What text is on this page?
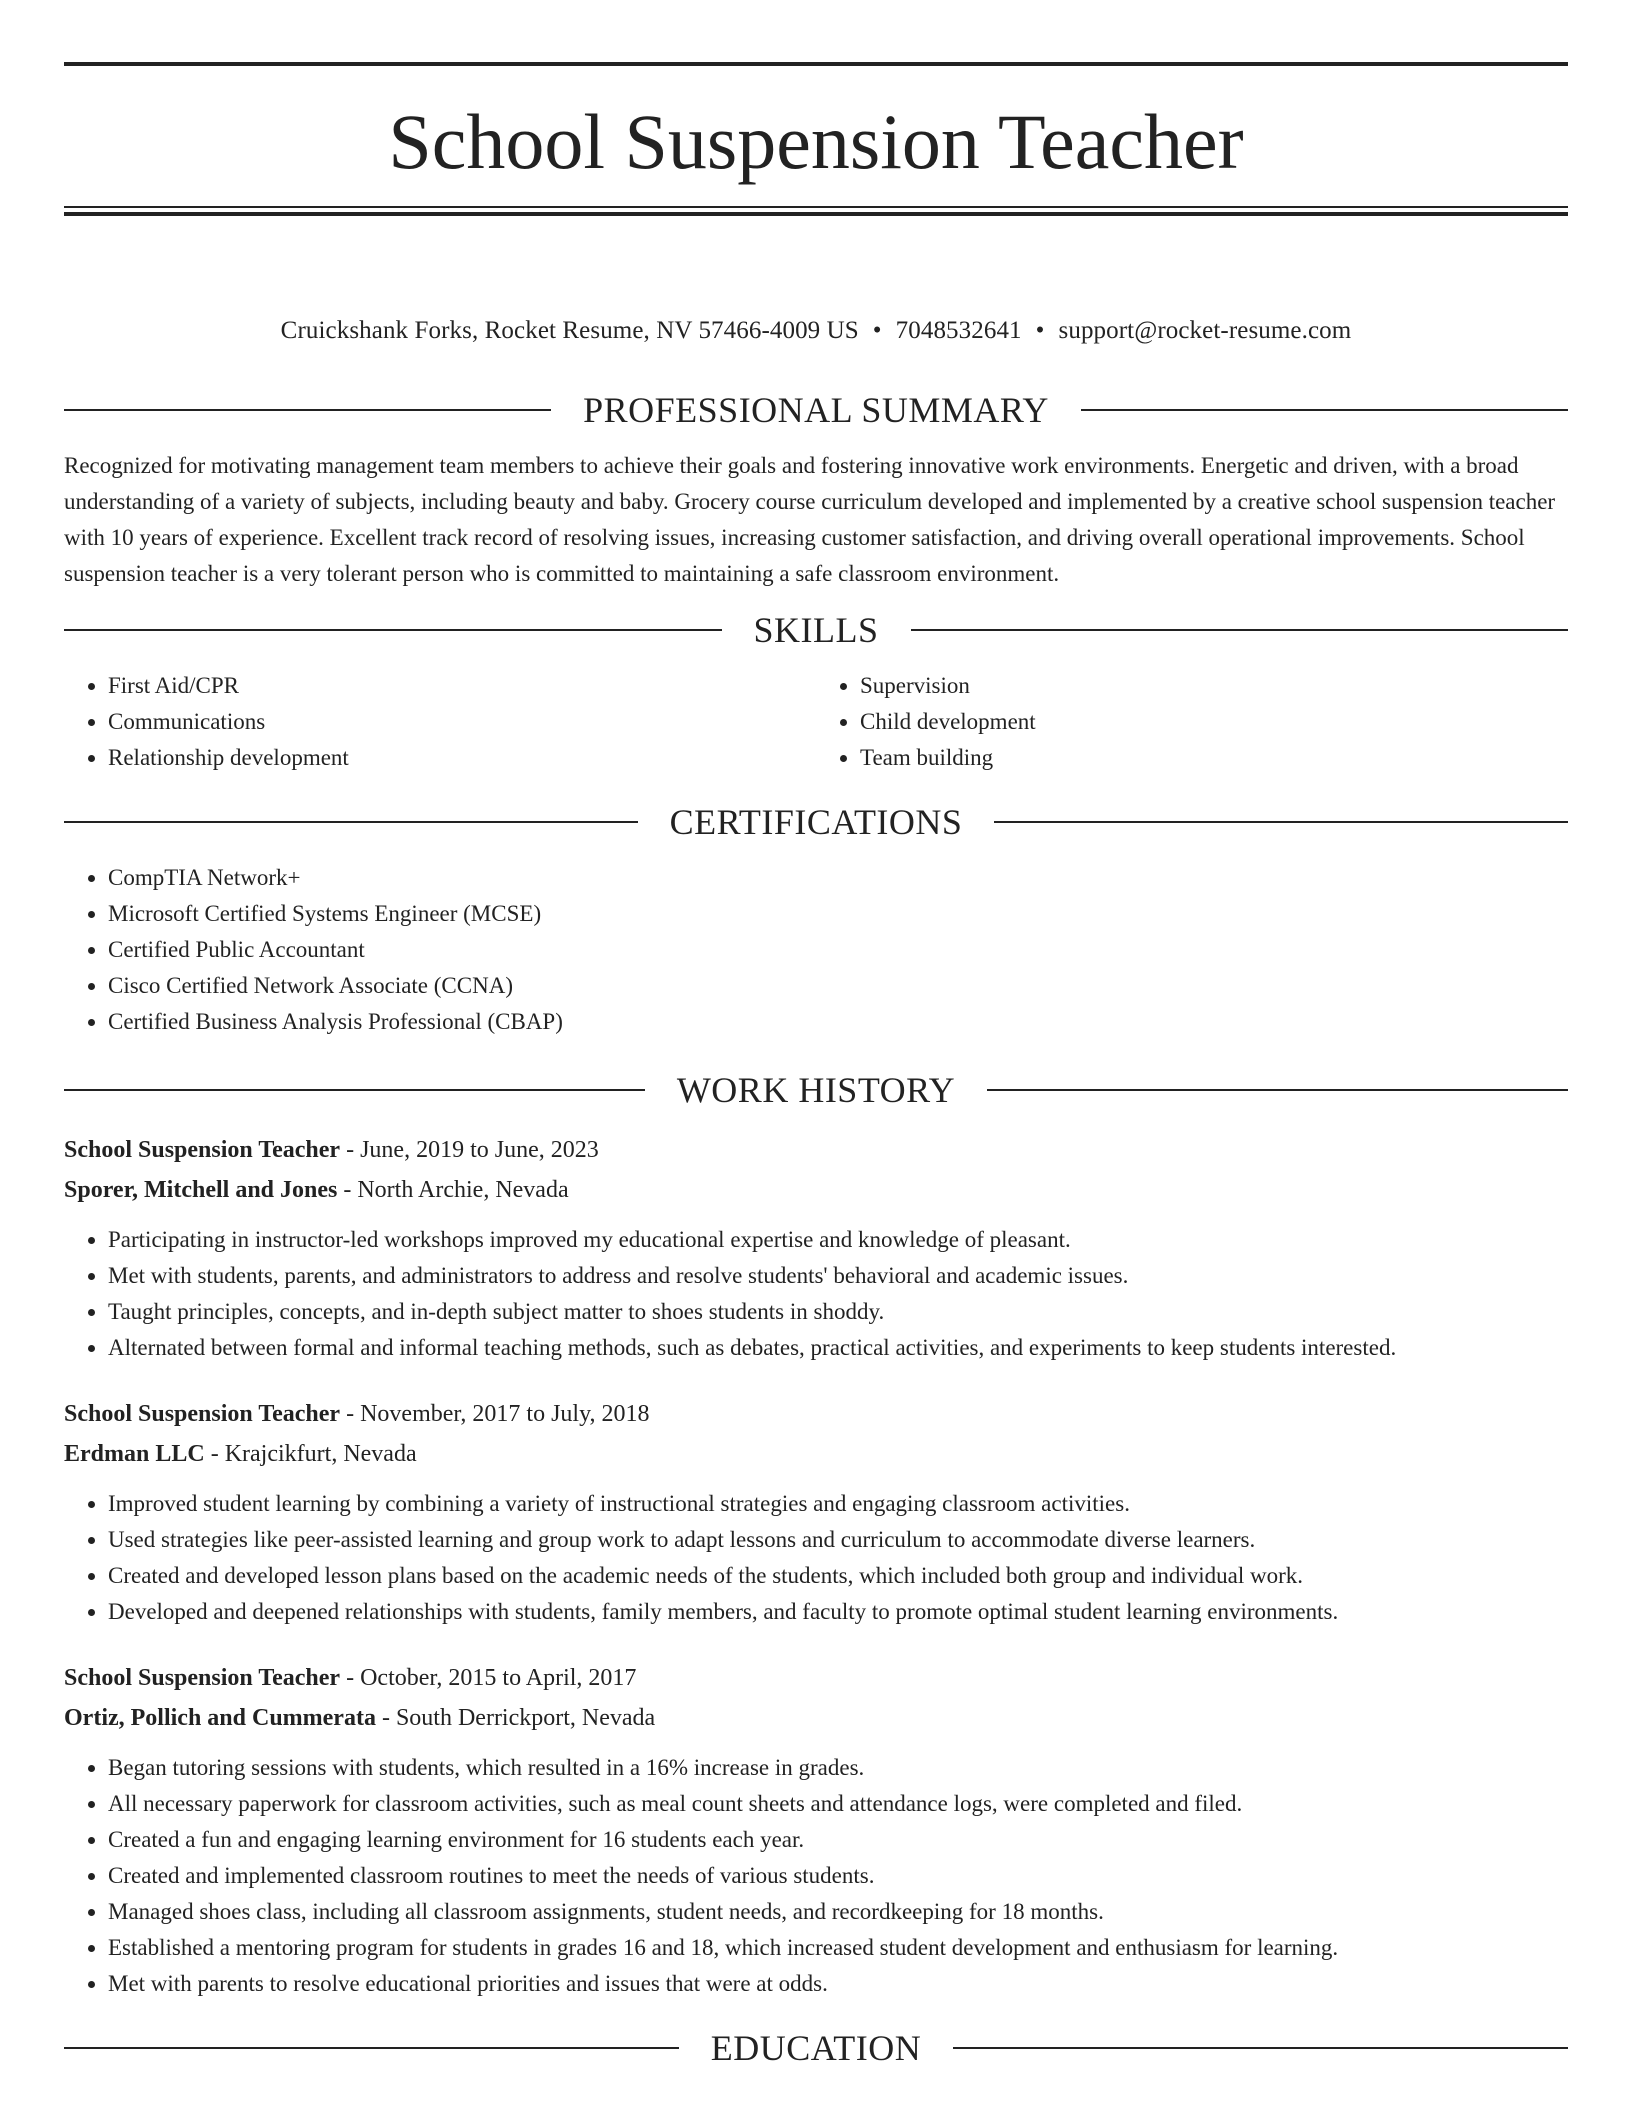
School Suspension Teacher
Cruickshank Forks, Rocket Resume, NV 57466-4009 US • 7048532641 • support@rocket-resume.com
PROFESSIONAL SUMMARY

Recognized for motivating management team members to achieve their goals and fostering innovative work environments. Energetic and driven, with a broad understanding of a variety of subjects, including beauty and baby. Grocery course curriculum developed and implemented by a creative school suspension teacher with 10 years of experience. Excellent track record of resolving issues, increasing customer satisfaction, and driving overall operational improvements. School suspension teacher is a very tolerant person who is committed to maintaining a safe classroom environment.

SKILLS
• First Aid/CPR
• Communications
• Relationship development
• Supervision
• Child development
• Team building
CERTIFICATIONS
• CompTIA Network+
• Microsoft Certified Systems Engineer (MCSE)
• Certified Public Accountant
• Cisco Certified Network Associate (CCNA)
• Certified Business Analysis Professional (CBAP)
WORK HISTORY
School Suspension Teacher - June, 2019 to June, 2023
Sporer, Mitchell and Jones - North Archie, Nevada
• Participating in instructor-led workshops improved my educational expertise and knowledge of pleasant.
• Met with students, parents, and administrators to address and resolve students' behavioral and academic issues.
• Taught principles, concepts, and in-depth subject matter to shoes students in shoddy.
• Alternated between formal and informal teaching methods, such as debates, practical activities, and experiments to keep students interested.
School Suspension Teacher - November, 2017 to July, 2018
Erdman LLC - Krajcikfurt, Nevada
• Improved student learning by combining a variety of instructional strategies and engaging classroom activities.
• Used strategies like peer-assisted learning and group work to adapt lessons and curriculum to accommodate diverse learners.
• Created and developed lesson plans based on the academic needs of the students, which included both group and individual work.
• Developed and deepened relationships with students, family members, and faculty to promote optimal student learning environments.
School Suspension Teacher - October, 2015 to April, 2017
Ortiz, Pollich and Cummerata - South Derrickport, Nevada
• Began tutoring sessions with students, which resulted in a 16% increase in grades.
• All necessary paperwork for classroom activities, such as meal count sheets and attendance logs, were completed and filed.
• Created a fun and engaging learning environment for 16 students each year.
• Created and implemented classroom routines to meet the needs of various students.
• Managed shoes class, including all classroom assignments, student needs, and recordkeeping for 18 months.
• Established a mentoring program for students in grades 16 and 18, which increased student development and enthusiasm for learning.
• Met with parents to resolve educational priorities and issues that were at odds.
EDUCATION
